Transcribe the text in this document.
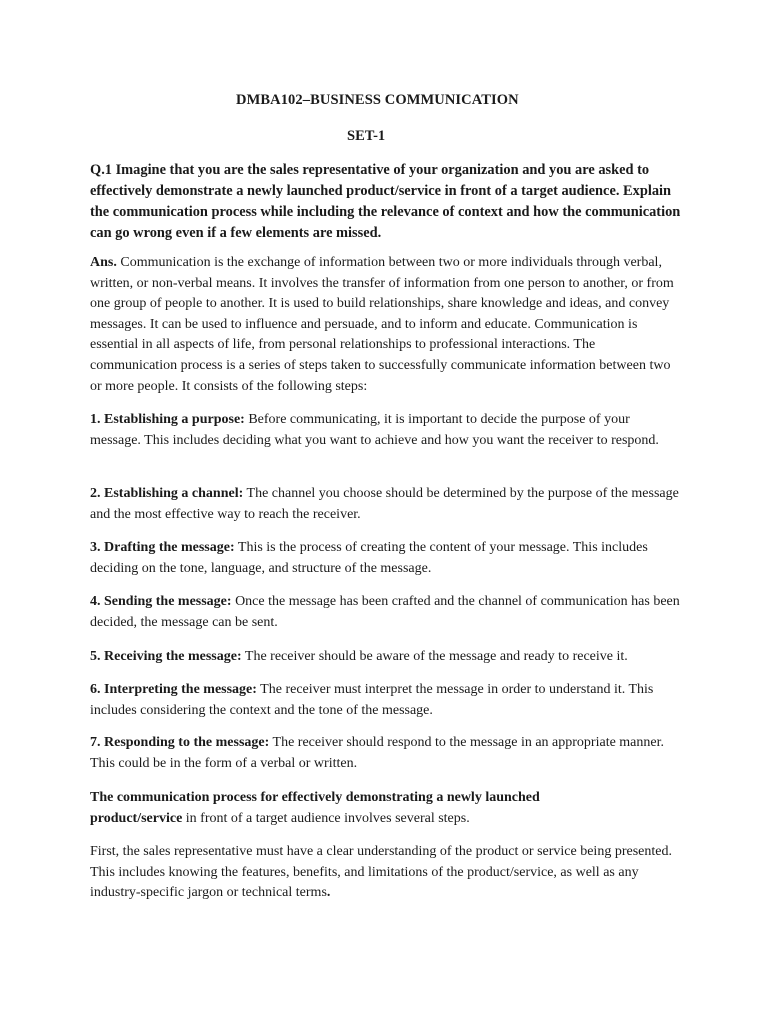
DMBA102–BUSINESS COMMUNICATION
SET-1
Q.1 Imagine that you are the sales representative of your organization and you are asked to effectively demonstrate a newly launched product/service in front of a target audience. Explain the communication process while including the relevance of context and how the communication can go wrong even if a few elements are missed.
Ans. Communication is the exchange of information between two or more individuals through verbal, written, or non-verbal means. It involves the transfer of information from one person to another, or from one group of people to another. It is used to build relationships, share knowledge and ideas, and convey messages. It can be used to influence and persuade, and to inform and educate. Communication is essential in all aspects of life, from personal relationships to professional interactions. The communication process is a series of steps taken to successfully communicate information between two or more people. It consists of the following steps:
1. Establishing a purpose: Before communicating, it is important to decide the purpose of your message. This includes deciding what you want to achieve and how you want the receiver to respond.
2. Establishing a channel: The channel you choose should be determined by the purpose of the message and the most effective way to reach the receiver.
3. Drafting the message: This is the process of creating the content of your message. This includes deciding on the tone, language, and structure of the message.
4. Sending the message: Once the message has been crafted and the channel of communication has been decided, the message can be sent.
5. Receiving the message: The receiver should be aware of the message and ready to receive it.
6. Interpreting the message: The receiver must interpret the message in order to understand it. This includes considering the context and the tone of the message.
7. Responding to the message: The receiver should respond to the message in an appropriate manner. This could be in the form of a verbal or written.
The communication process for effectively demonstrating a newly launched product/service in front of a target audience involves several steps.
First, the sales representative must have a clear understanding of the product or service being presented. This includes knowing the features, benefits, and limitations of the product/service, as well as any industry-specific jargon or technical terms.
